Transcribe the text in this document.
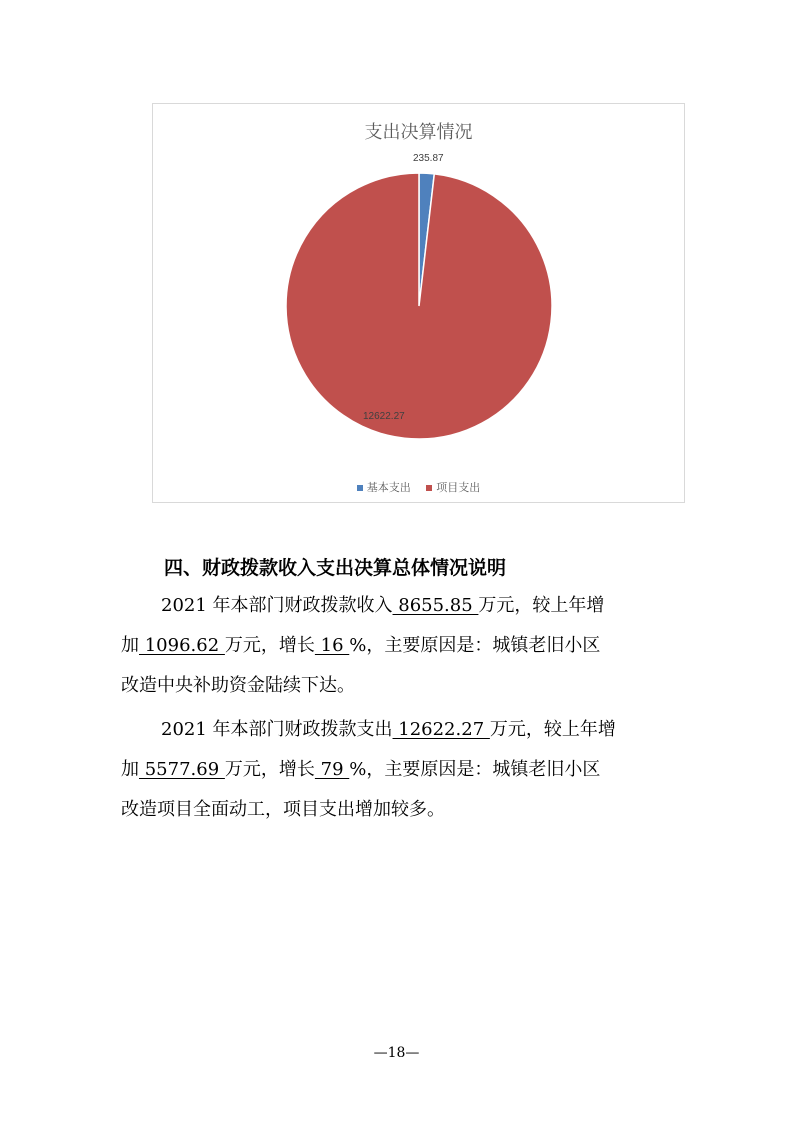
支出决算情况
235.87
12622.27
基本支出 项目支出
四、财政拨款收入支出决算总体情况说明
2021 年本部门财政拨款收入 8655.85 万元，较上年增
加 1096.62 万元，增长 16 %，主要原因是：城镇老旧小区
改造中央补助资金陆续下达。
2021 年本部门财政拨款支出 12622.27 万元，较上年增
加 5577.69 万元，增长 79 %，主要原因是：城镇老旧小区
改造项目全面动工，项目支出增加较多。
—18—
